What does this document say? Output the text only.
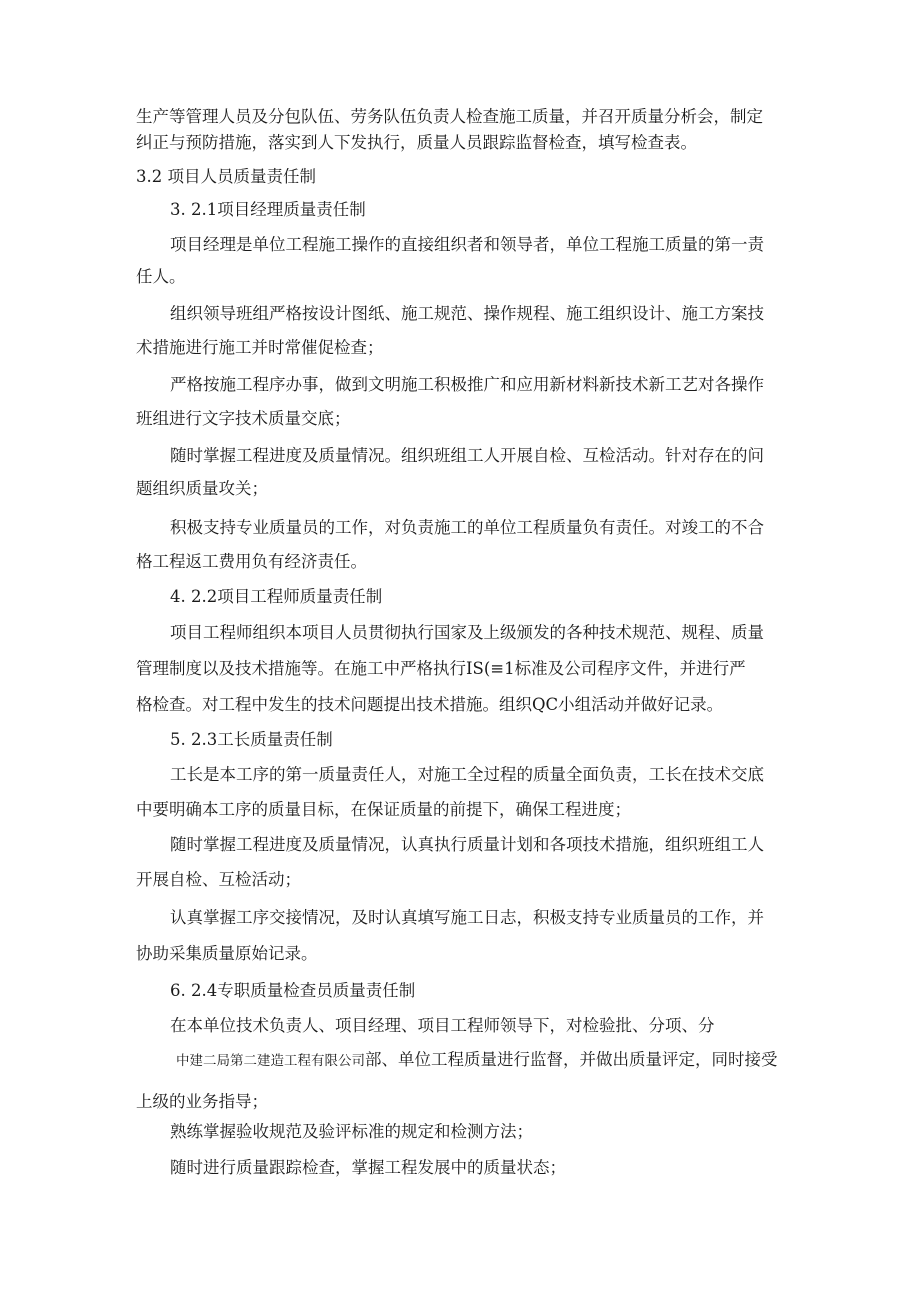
生产等管理人员及分包队伍、劳务队伍负责人检查施工质量，并召开质量分析会，制定

纠正与预防措施，落实到人下发执行，质量人员跟踪监督检查，填写检查表。

3.2 项目人员质量责任制

3. 2.1项目经理质量责任制

项目经理是单位工程施工操作的直接组织者和领导者，单位工程施工质量的第一责

任人。

组织领导班组严格按设计图纸、施工规范、操作规程、施工组织设计、施工方案技

术措施进行施工并时常催促检查；

严格按施工程序办事，做到文明施工积极推广和应用新材料新技术新工艺对各操作

班组进行文字技术质量交底；

随时掌握工程进度及质量情况。组织班组工人开展自检、互检活动。针对存在的问

题组织质量攻关；

积极支持专业质量员的工作，对负责施工的单位工程质量负有责任。对竣工的不合

格工程返工费用负有经济责任。

4. 2.2项目工程师质量责任制

项目工程师组织本项目人员贯彻执行国家及上级颁发的各种技术规范、规程、质量

管理制度以及技术措施等。在施工中严格执行IS(≡1标准及公司程序文件，并进行严

格检查。对工程中发生的技术问题提出技术措施。组织QC小组活动并做好记录。

5. 2.3工长质量责任制

工长是本工序的第一质量责任人，对施工全过程的质量全面负责，工长在技术交底

中要明确本工序的质量目标，在保证质量的前提下，确保工程进度；

随时掌握工程进度及质量情况，认真执行质量计划和各项技术措施，组织班组工人

开展自检、互检活动；

认真掌握工序交接情况，及时认真填写施工日志，积极支持专业质量员的工作，并

协助采集质量原始记录。

6. 2.4专职质量检查员质量责任制

在本单位技术负责人、项目经理、项目工程师领导下，对检验批、分项、分

中建二局第二建造工程有限公司部、单位工程质量进行监督，并做出质量评定，同时接受

上级的业务指导；

熟练掌握验收规范及验评标准的规定和检测方法；

随时进行质量跟踪检查，掌握工程发展中的质量状态；
